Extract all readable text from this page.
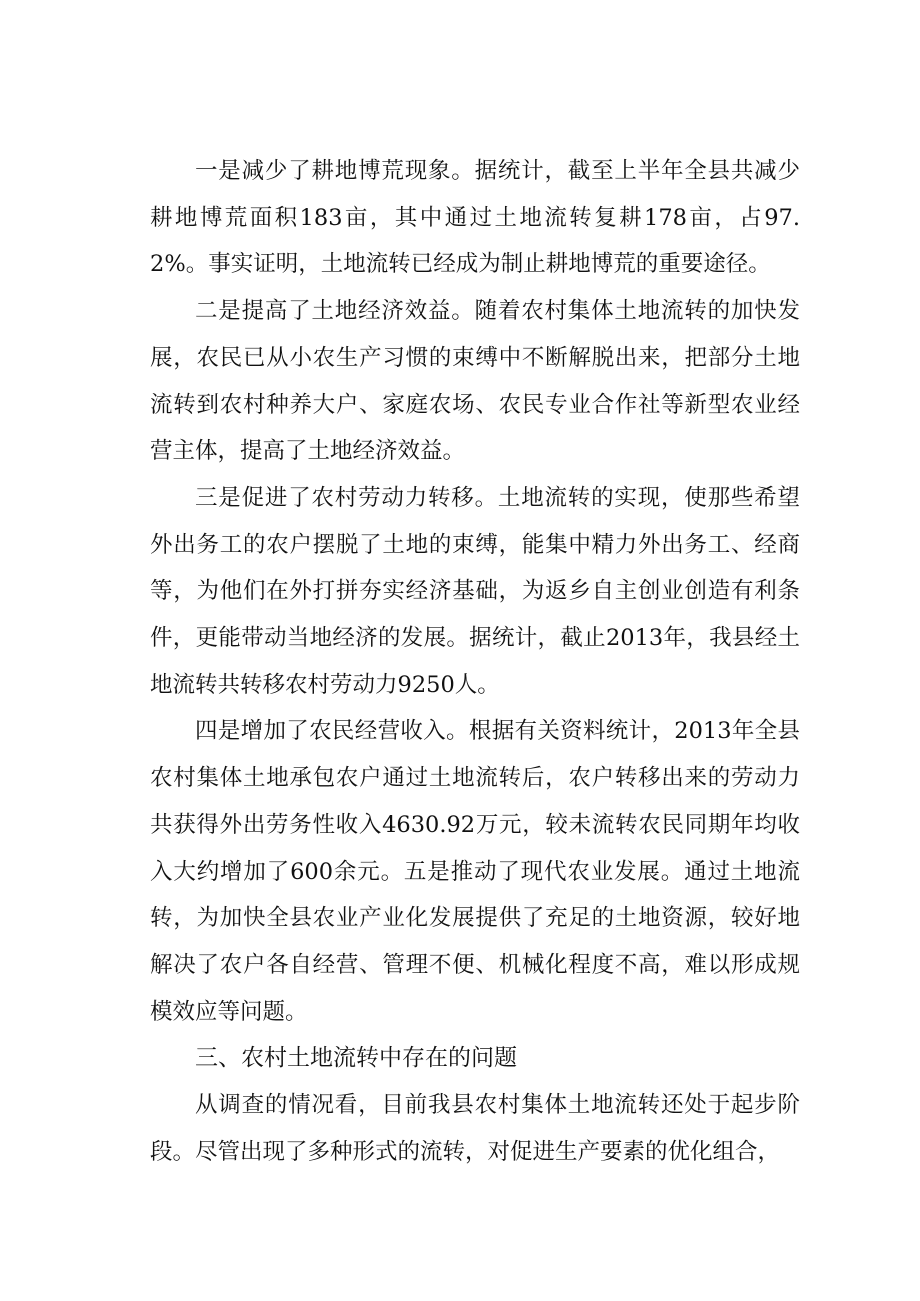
一是减少了耕地博荒现象。据统计，截至上半年全县共减少耕地博荒面积183亩，其中通过土地流转复耕178亩，占97.2%。事实证明，土地流转已经成为制止耕地博荒的重要途径。

二是提高了土地经济效益。随着农村集体土地流转的加快发展，农民已从小农生产习惯的束缚中不断解脱出来，把部分土地流转到农村种养大户、家庭农场、农民专业合作社等新型农业经营主体，提高了土地经济效益。

三是促进了农村劳动力转移。土地流转的实现，使那些希望外出务工的农户摆脱了土地的束缚，能集中精力外出务工、经商等，为他们在外打拼夯实经济基础，为返乡自主创业创造有利条件，更能带动当地经济的发展。据统计，截止2013年，我县经土地流转共转移农村劳动力9250人。

四是增加了农民经营收入。根据有关资料统计，2013年全县农村集体土地承包农户通过土地流转后，农户转移出来的劳动力共获得外出劳务性收入4630.92万元，较未流转农民同期年均收入大约增加了600余元。五是推动了现代农业发展。通过土地流转，为加快全县农业产业化发展提供了充足的土地资源，较好地解决了农户各自经营、管理不便、机械化程度不高，难以形成规模效应等问题。

三、农村土地流转中存在的问题

从调查的情况看，目前我县农村集体土地流转还处于起步阶段。尽管出现了多种形式的流转，对促进生产要素的优化组合，
